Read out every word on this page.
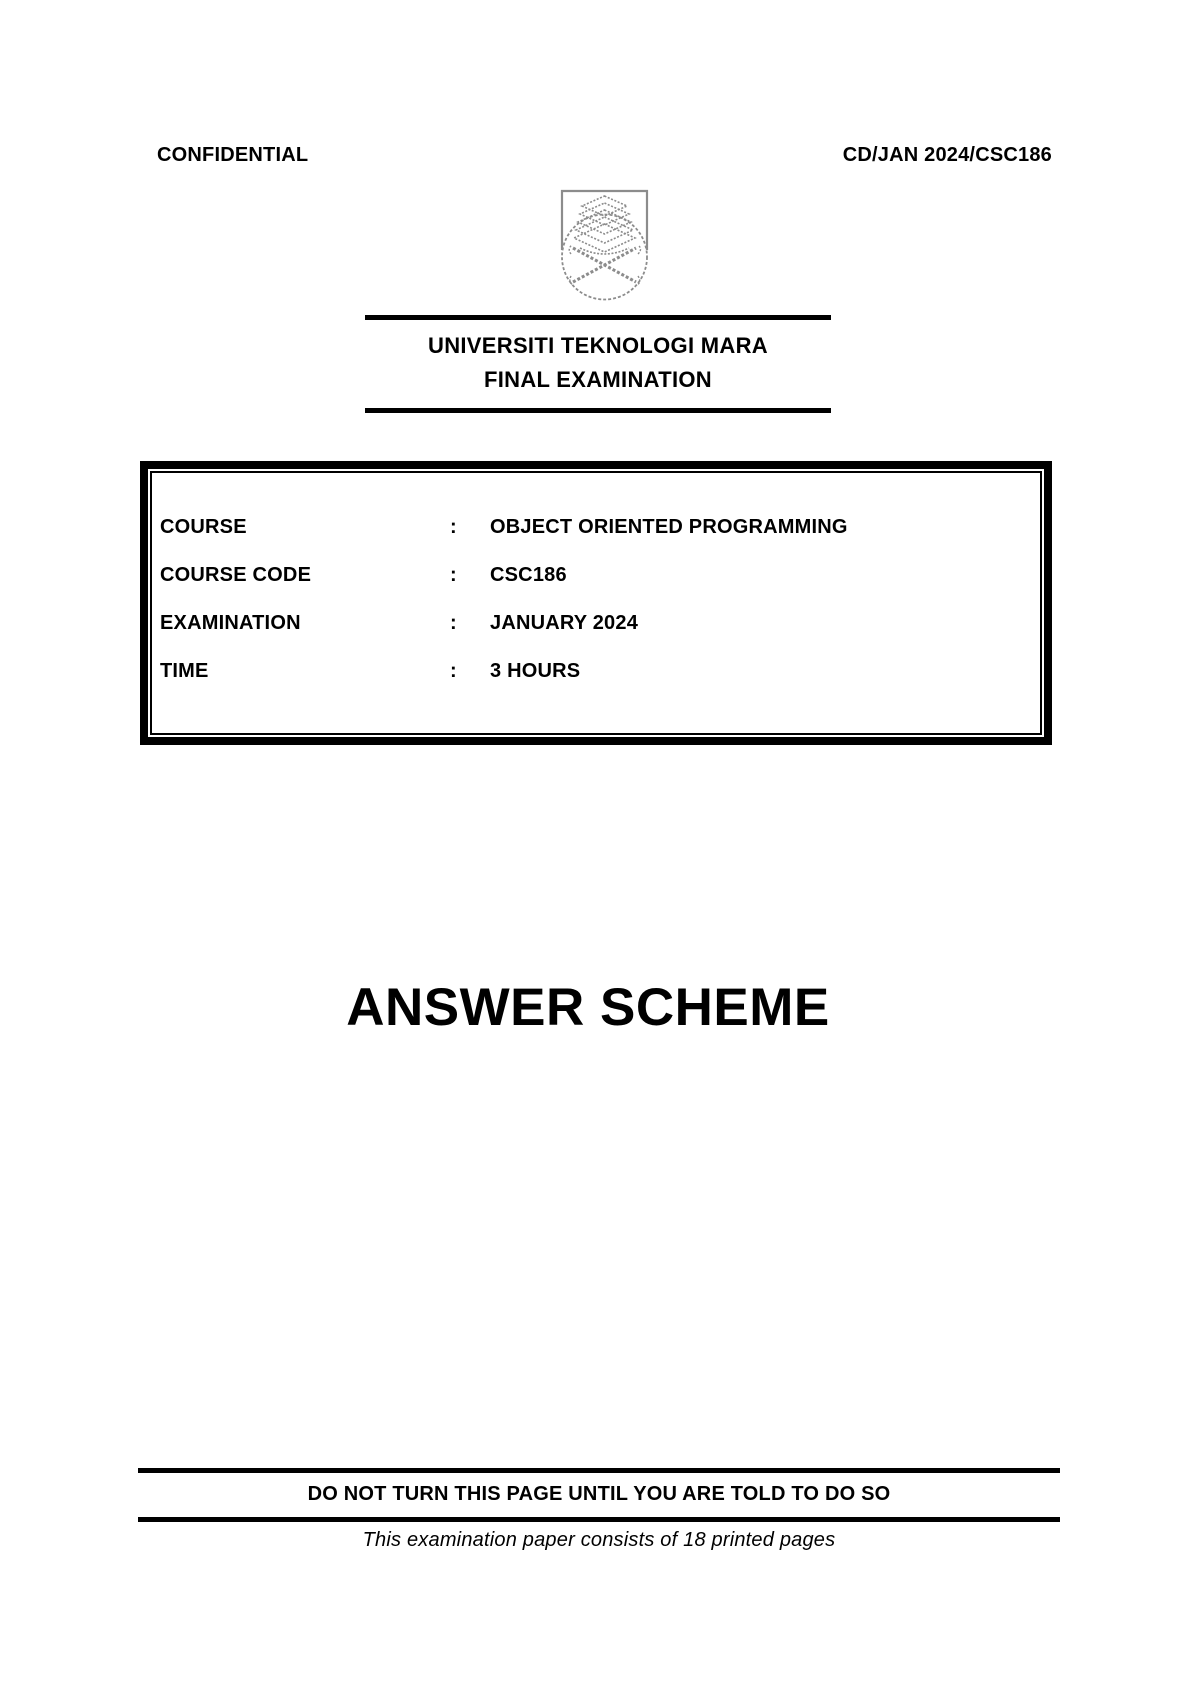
CONFIDENTIAL	CD/JAN 2024/CSC186
UNIVERSITI TEKNOLOGI MARA
FINAL EXAMINATION
COURSE	:	OBJECT ORIENTED PROGRAMMING
COURSE CODE	:	CSC186
EXAMINATION	:	JANUARY 2024
TIME	:	3 HOURS
ANSWER SCHEME
DO NOT TURN THIS PAGE UNTIL YOU ARE TOLD TO DO SO
This examination paper consists of 18 printed pages
